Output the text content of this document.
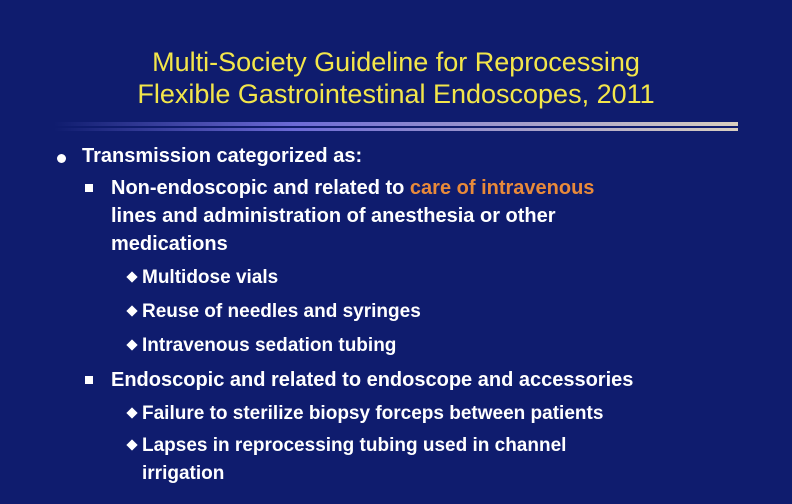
Multi-Society Guideline for Reprocessing
Flexible Gastrointestinal Endoscopes, 2011
Transmission categorized as:
Non-endoscopic and related to care of intravenous
lines and administration of anesthesia or other
medications
Multidose vials
Reuse of needles and syringes
Intravenous sedation tubing
Endoscopic and related to endoscope and accessories
Failure to sterilize biopsy forceps between patients
Lapses in reprocessing tubing used in channel
irrigation
